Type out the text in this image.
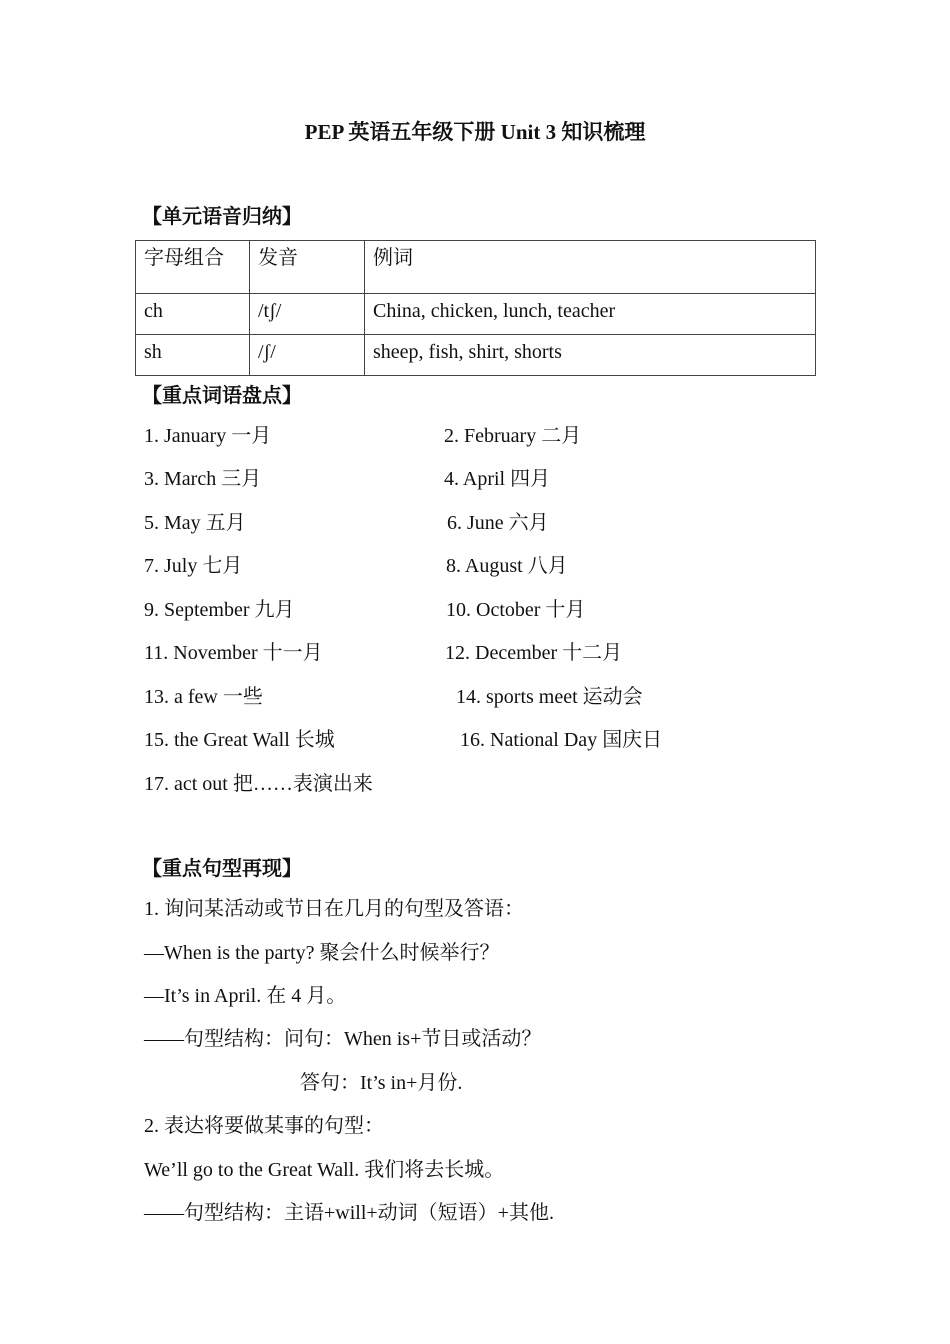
PEP 英语五年级下册 Unit 3 知识梳理
【单元语音归纳】
字母组合	发音	例词
ch	/tʃ/	China, chicken, lunch, teacher
sh	/ʃ/	sheep, fish, shirt, shorts
【重点词语盘点】
1. January 一月	2. February 二月
3. March 三月	4. April 四月
5. May 五月	6. June 六月
7. July 七月	8. August 八月
9. September 九月	10. October 十月
11. November 十一月	12. December 十二月
13. a few 一些	14. sports meet 运动会
15. the Great Wall 长城	16. National Day 国庆日
17. act out 把……表演出来
【重点句型再现】
1. 询问某活动或节日在几月的句型及答语：
—When is the party? 聚会什么时候举行？
—It’s in April. 在 4 月。
——句型结构：问句：When is+节日或活动？
答句：It’s in+月份.
2. 表达将要做某事的句型：
We’ll go to the Great Wall. 我们将去长城。
——句型结构：主语+will+动词（短语）+其他.
